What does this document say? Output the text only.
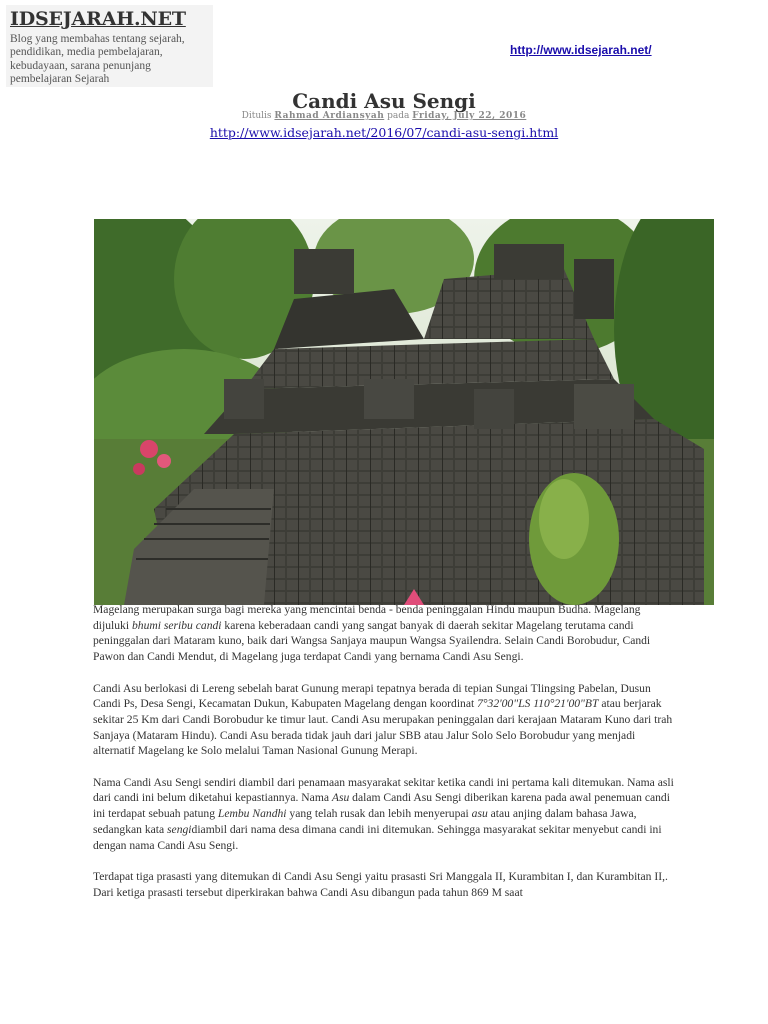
IDSEJARAH.NET
Blog yang membahas tentang sejarah, pendidikan, media pembelajaran, kebudayaan, sarana penunjang pembelajaran Sejarah
http://www.idsejarah.net/
Candi Asu Sengi
Ditulis Rahmad Ardiansyah pada Friday, July 22, 2016
http://www.idsejarah.net/2016/07/candi-asu-sengi.html

Magelang merupakan surga bagi mereka yang mencintai benda - benda peninggalan Hindu maupun Budha. Magelang dijuluki bhumi seribu candi karena keberadaan candi yang sangat banyak di daerah sekitar Magelang terutama candi peninggalan dari Mataram kuno, baik dari Wangsa Sanjaya maupun Wangsa Syailendra. Selain Candi Borobudur, Candi Pawon dan Candi Mendut, di Magelang juga terdapat Candi yang bernama Candi Asu Sengi.

Candi Asu berlokasi di Lereng sebelah barat Gunung merapi tepatnya berada di tepian Sungai Tlingsing Pabelan, Dusun Candi Ps, Desa Sengi, Kecamatan Dukun, Kabupaten Magelang dengan koordinat 7°32'00"LS 110°21'00"BT atau berjarak sekitar 25 Km dari Candi Borobudur ke timur laut. Candi Asu merupakan peninggalan dari kerajaan Mataram Kuno dari trah Sanjaya (Mataram Hindu). Candi Asu berada tidak jauh dari jalur SBB atau Jalur Solo Selo Borobudur yang menjadi alternatif Magelang ke Solo melalui Taman Nasional Gunung Merapi.

Nama Candi Asu Sengi sendiri diambil dari penamaan masyarakat sekitar ketika candi ini pertama kali ditemukan. Nama asli dari candi ini belum diketahui kepastiannya. Nama Asu dalam Candi Asu Sengi diberikan karena pada awal penemuan candi ini terdapat sebuah patung Lembu Nandhi yang telah rusak dan lebih menyerupai asu atau anjing dalam bahasa Jawa, sedangkan kata sengidiambil dari nama desa dimana candi ini ditemukan. Sehingga masyarakat sekitar menyebut candi ini dengan nama Candi Asu Sengi.

Terdapat tiga prasasti yang ditemukan di Candi Asu Sengi yaitu prasasti Sri Manggala II, Kurambitan I, dan Kurambitan II,. Dari ketiga prasasti tersebut diperkirakan bahwa Candi Asu dibangun pada tahun 869 M saat
